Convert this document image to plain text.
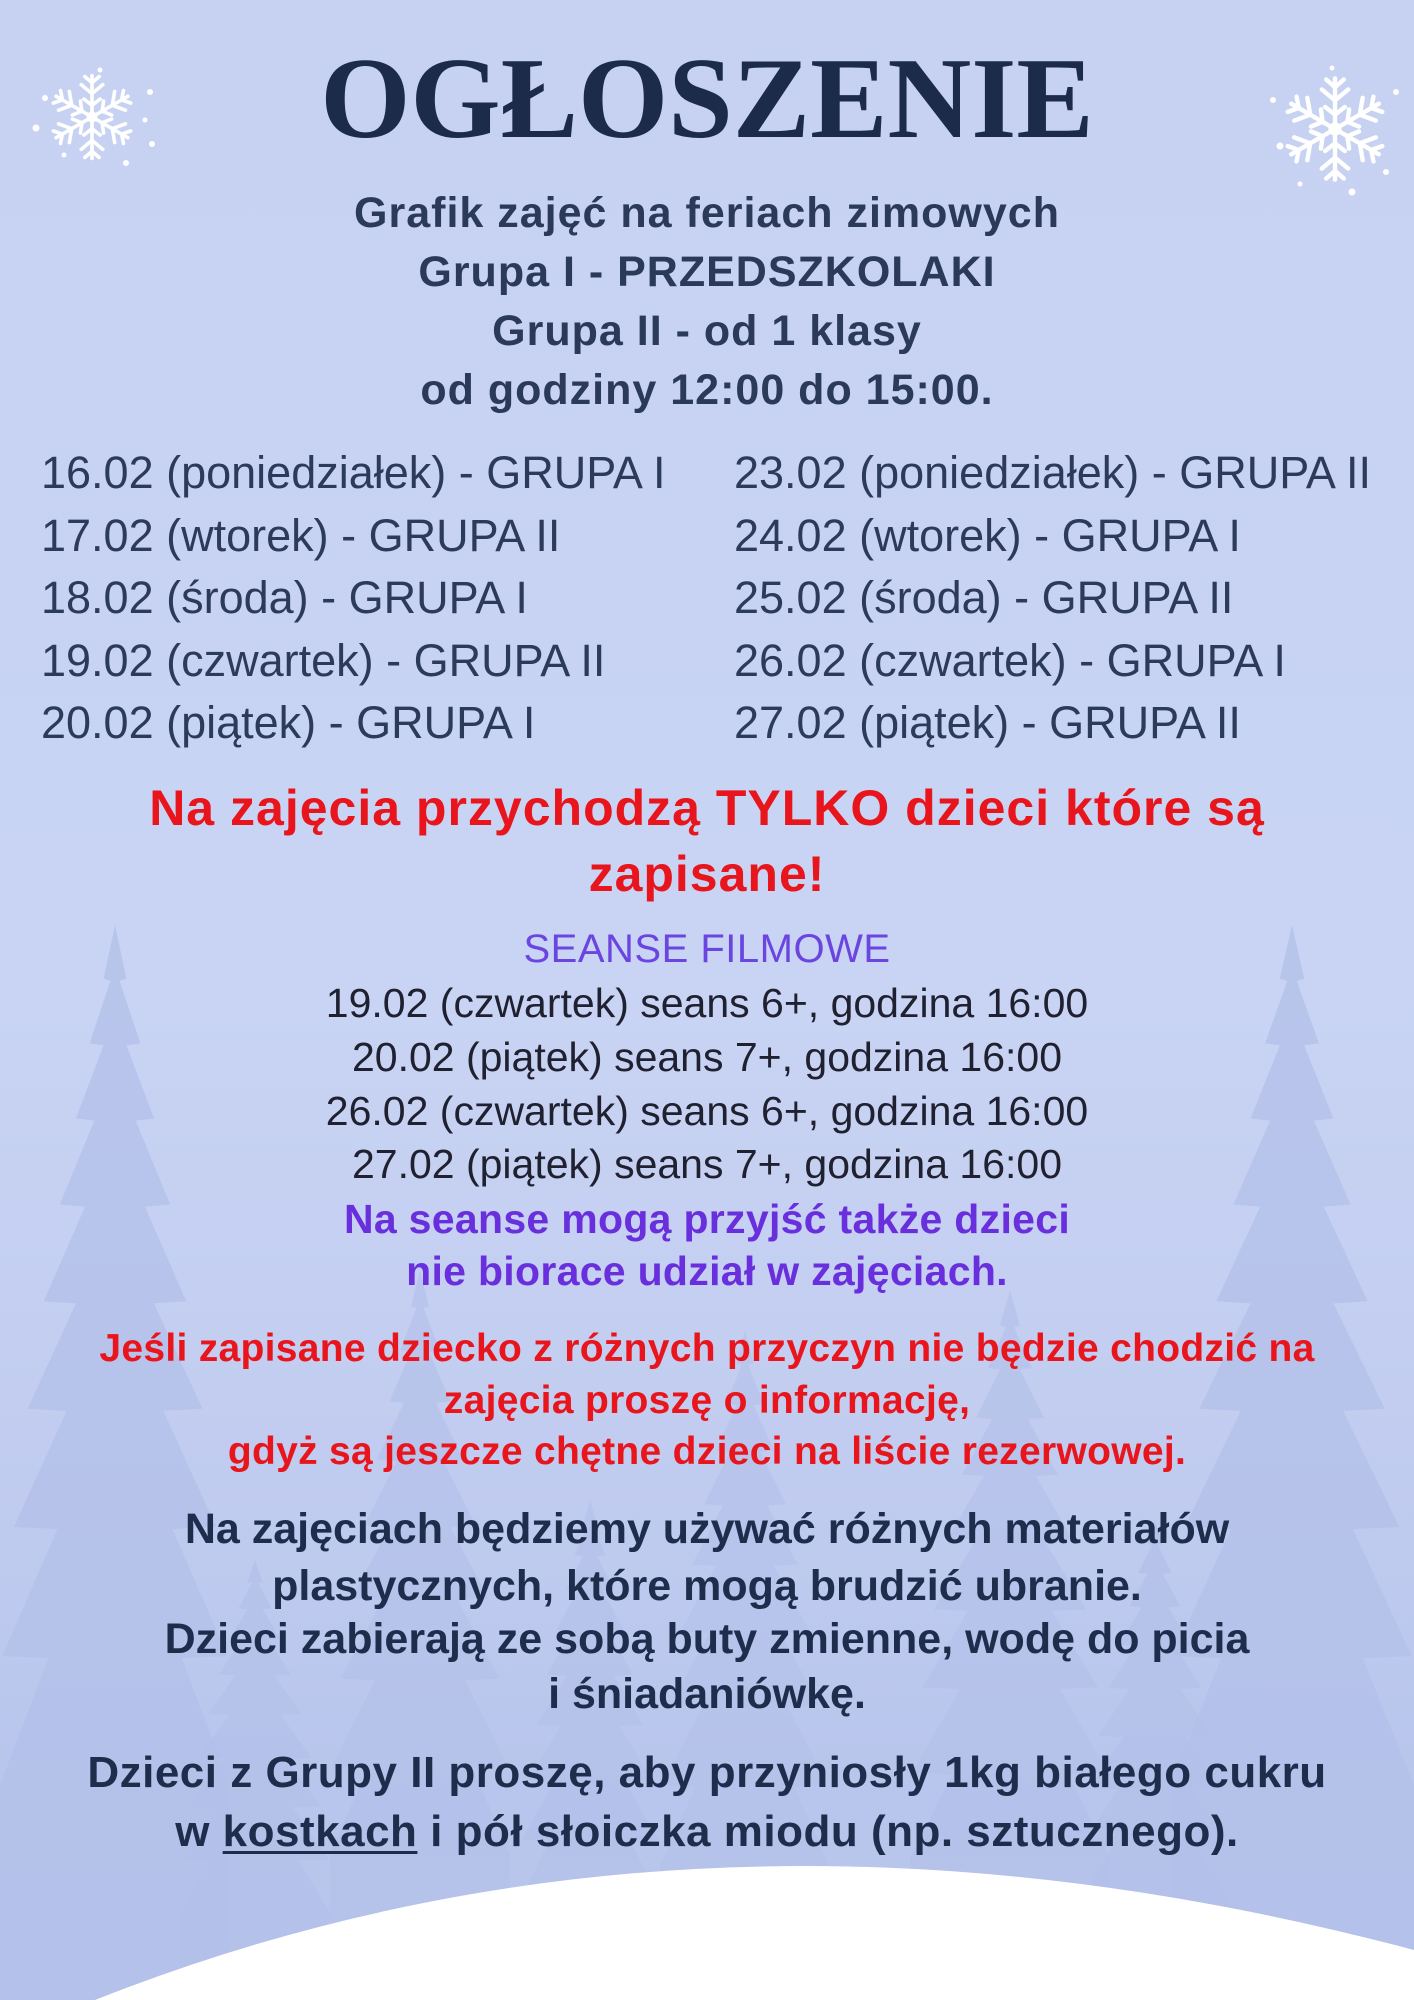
OGŁOSZENIE
Grafik zajęć na feriach zimowych
Grupa I - PRZEDSZKOLAKI
Grupa II - od 1 klasy
od godziny 12:00 do 15:00.
16.02 (poniedziałek) - GRUPA I
17.02 (wtorek) - GRUPA II
18.02 (środa) - GRUPA I
19.02 (czwartek) - GRUPA II
20.02 (piątek) - GRUPA I
23.02 (poniedziałek) - GRUPA II
24.02 (wtorek) - GRUPA I
25.02 (środa) - GRUPA II
26.02 (czwartek) - GRUPA I
27.02 (piątek) - GRUPA II
Na zajęcia przychodzą TYLKO dzieci które są
zapisane!
SEANSE FILMOWE
19.02 (czwartek) seans 6+, godzina 16:00
20.02 (piątek) seans 7+, godzina 16:00
26.02 (czwartek) seans 6+, godzina 16:00
27.02 (piątek) seans 7+, godzina 16:00
Na seanse mogą przyjść także dzieci
nie biorace udział w zajęciach.
Jeśli zapisane dziecko z różnych przyczyn nie będzie chodzić na
zajęcia proszę o informację,
gdyż są jeszcze chętne dzieci na liście rezerwowej.
Na zajęciach będziemy używać różnych materiałów
plastycznych, które mogą brudzić ubranie.
Dzieci zabierają ze sobą buty zmienne, wodę do picia
i śniadaniówkę.
Dzieci z Grupy II proszę, aby przyniosły 1kg białego cukru
w kostkach i pół słoiczka miodu (np. sztucznego).
